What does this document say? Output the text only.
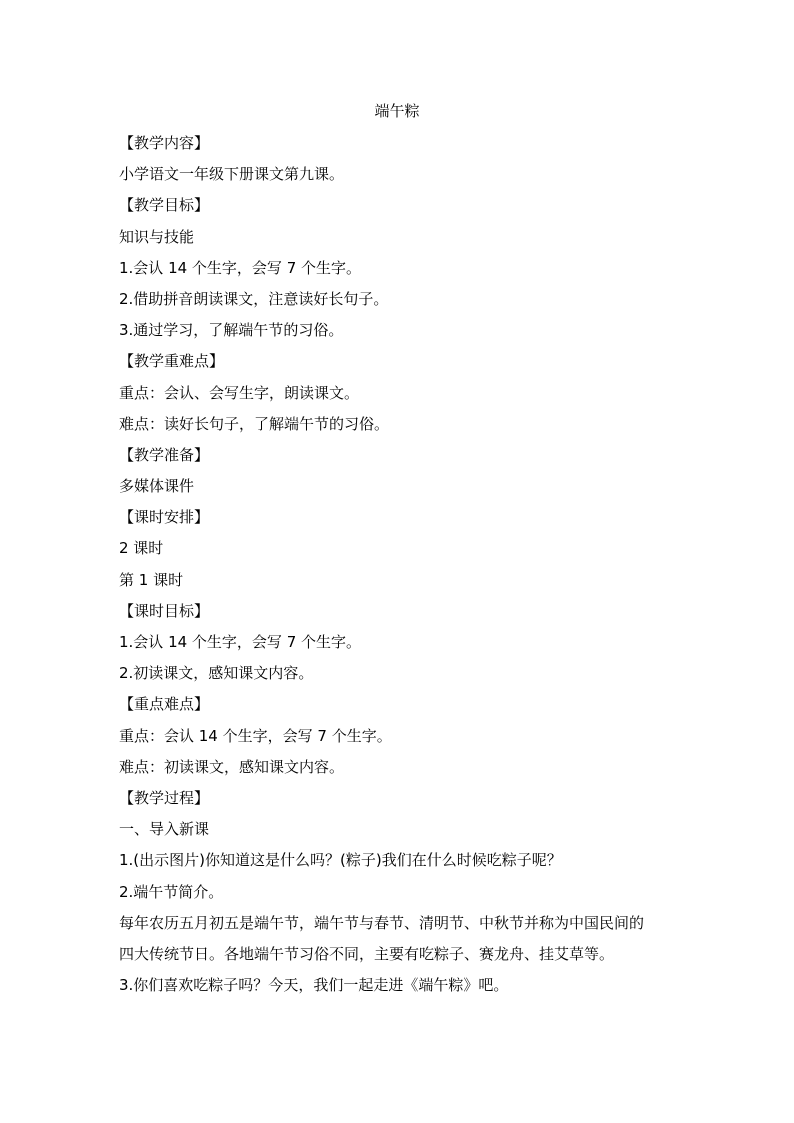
端午粽

【教学内容】

小学语文一年级下册课文第九课。

【教学目标】

知识与技能

1.会认 14 个生字，会写 7 个生字。

2.借助拼音朗读课文，注意读好长句子。

3.通过学习，了解端午节的习俗。

【教学重难点】

重点：会认、会写生字，朗读课文。

难点：读好长句子，了解端午节的习俗。

【教学准备】

多媒体课件

【课时安排】

2 课时

第 1 课时

【课时目标】

1.会认 14 个生字，会写 7 个生字。

2.初读课文，感知课文内容。

【重点难点】

重点：会认 14 个生字，会写 7 个生字。

难点：初读课文，感知课文内容。

【教学过程】

一、导入新课

1.(出示图片)你知道这是什么吗？(粽子)我们在什么时候吃粽子呢？

2.端午节简介。

每年农历五月初五是端午节，端午节与春节、清明节、中秋节并称为中国民间的

四大传统节日。各地端午节习俗不同，主要有吃粽子、赛龙舟、挂艾草等。

3.你们喜欢吃粽子吗？今天，我们一起走进《端午粽》吧。
